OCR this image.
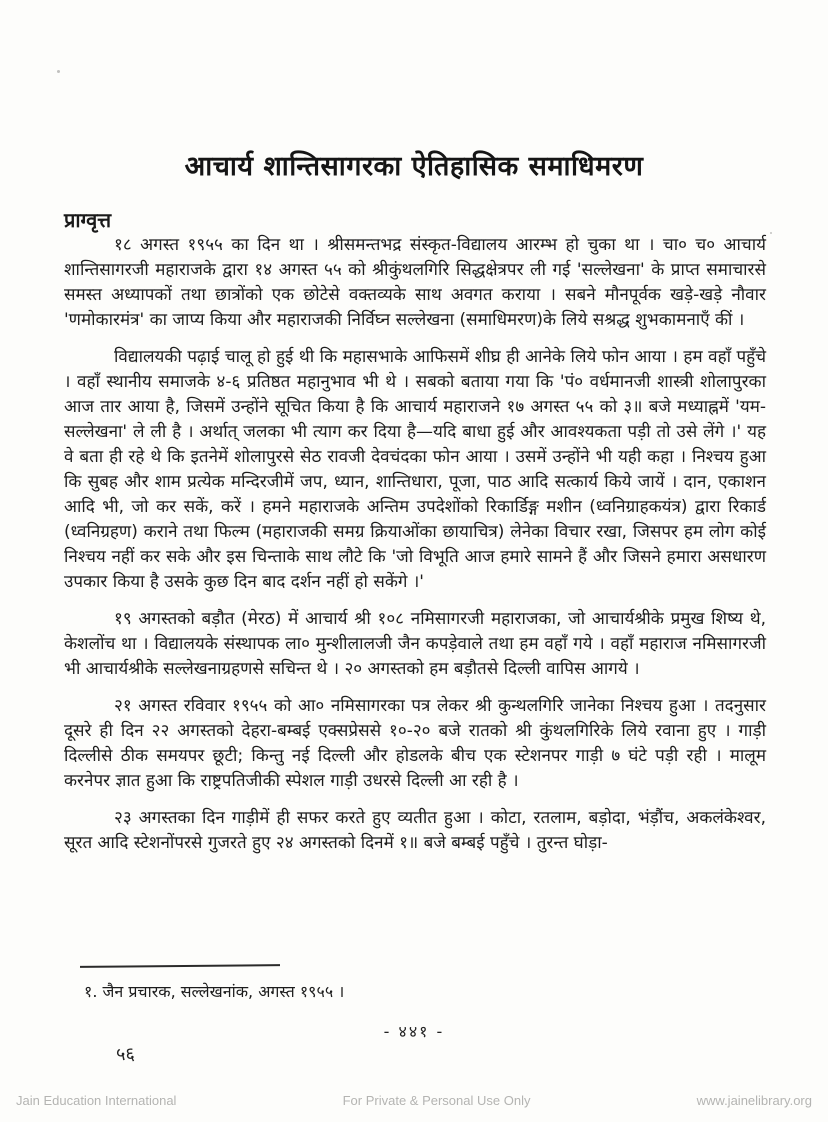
आचार्य शान्तिसागरका ऐतिहासिक समाधिमरण
प्राग्वृत्त

१८ अगस्त १९५५ का दिन था । श्रीसमन्तभद्र संस्कृत-विद्यालय आरम्भ हो चुका था । चा० च० आचार्य शान्तिसागरजी महाराजके द्वारा १४ अगस्त ५५ को श्रीकुंथलगिरि सिद्धक्षेत्रपर ली गई 'सल्लेखना' के प्राप्त समाचारसे समस्त अध्यापकों तथा छात्रोंको एक छोटेसे वक्तव्यके साथ अवगत कराया । सबने मौनपूर्वक खड़े-खड़े नौवार 'णमोकारमंत्र' का जाप्य किया और महाराजकी निर्विघ्न सल्लेखना (समाधिमरण)के लिये सश्रद्ध शुभकामनाएँ कीं ।

विद्यालयकी पढ़ाई चालू हो हुई थी कि महासभाके आफिसमें शीघ्र ही आनेके लिये फोन आया । हम वहाँ पहुँचे । वहाँ स्थानीय समाजके ४-६ प्रतिष्ठत महानुभाव भी थे । सबको बताया गया कि 'पं० वर्धमानजी शास्त्री शोलापुरका आज तार आया है, जिसमें उन्होंने सूचित किया है कि आचार्य महाराजने १७ अगस्त ५५ को ३॥ बजे मध्याह्नमें 'यम-सल्लेखना' ले ली है । अर्थात् जलका भी त्याग कर दिया है—यदि बाधा हुई और आवश्यकता पड़ी तो उसे लेंगे ।' यह वे बता ही रहे थे कि इतनेमें शोलापुरसे सेठ रावजी देवचंदका फोन आया । उसमें उन्होंने भी यही कहा । निश्चय हुआ कि सुबह और शाम प्रत्येक मन्दिरजीमें जप, ध्यान, शान्तिधारा, पूजा, पाठ आदि सत्कार्य किये जायें । दान, एकाशन आदि भी, जो कर सकें, करें । हमने महाराजके अन्तिम उपदेशोंको रिकार्डिङ्ग मशीन (ध्वनिग्राहकयंत्र) द्वारा रिकार्ड (ध्वनिग्रहण) कराने तथा फिल्म (महाराजकी समग्र क्रियाओंका छायाचित्र) लेनेका विचार रखा, जिसपर हम लोग कोई निश्चय नहीं कर सके और इस चिन्ताके साथ लौटे कि 'जो विभूति आज हमारे सामने हैं और जिसने हमारा असधारण उपकार किया है उसके कुछ दिन बाद दर्शन नहीं हो सकेंगे ।'

१९ अगस्तको बड़ौत (मेरठ) में आचार्य श्री १०८ नमिसागरजी महाराजका, जो आचार्यश्रीके प्रमुख शिष्य थे, केशलोंच था । विद्यालयके संस्थापक ला० मुन्शीलालजी जैन कपड़ेवाले तथा हम वहाँ गये । वहाँ महाराज नमिसागरजी भी आचार्यश्रीके सल्लेखनाग्रहणसे सचिन्त थे । २० अगस्तको हम बड़ौतसे दिल्ली वापिस आगये ।

२१ अगस्त रविवार १९५५ को आ० नमिसागरका पत्र लेकर श्री कुन्थलगिरि जानेका निश्चय हुआ । तदनुसार दूसरे ही दिन २२ अगस्तको देहरा-बम्बई एक्सप्रेससे १०-२० बजे रातको श्री कुंथलगिरिके लिये रवाना हुए । गाड़ी दिल्लीसे ठीक समयपर छूटी; किन्तु नई दिल्ली और होडलके बीच एक स्टेशनपर गाड़ी ७ घंटे पड़ी रही । मालूम करनेपर ज्ञात हुआ कि राष्ट्रपतिजीकी स्पेशल गाड़ी उधरसे दिल्ली आ रही है ।

२३ अगस्तका दिन गाड़ीमें ही सफर करते हुए व्यतीत हुआ । कोटा, रतलाम, बड़ोदा, भंड़ौंच, अकलंकेश्वर, सूरत आदि स्टेशनोंपरसे गुजरते हुए २४ अगस्तको दिनमें १॥ बजे बम्बई पहुँचे । तुरन्त घोड़ा-

१. जैन प्रचारक, सल्लेखनांक, अगस्त १९५५ ।

- ४४१ -
५६
Jain Education International	For Private & Personal Use Only	www.jainelibrary.org
